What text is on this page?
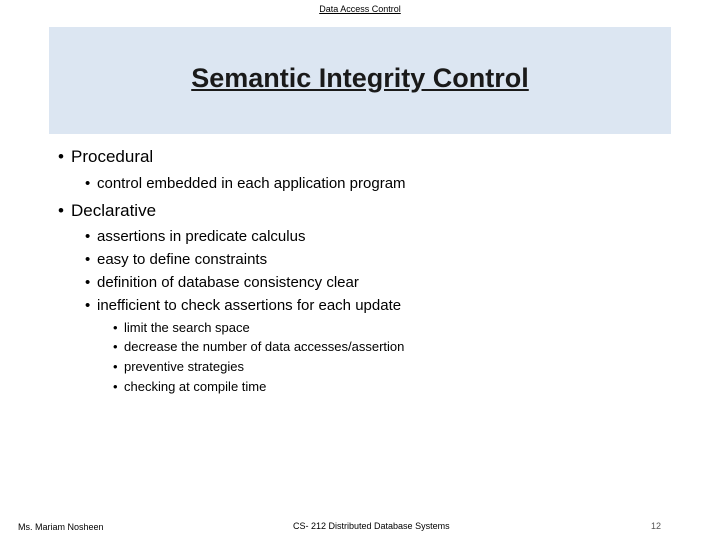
Data Access Control
Semantic Integrity Control
• Procedural
• control embedded in each application program
• Declarative
• assertions in predicate calculus
• easy to define constraints
• definition of database consistency clear
• inefficient to check assertions for each update
• limit the search space
• decrease the number of data accesses/assertion
• preventive strategies
• checking at compile time
Ms. Mariam Nosheen	CS- 212 Distributed Database Systems	12
